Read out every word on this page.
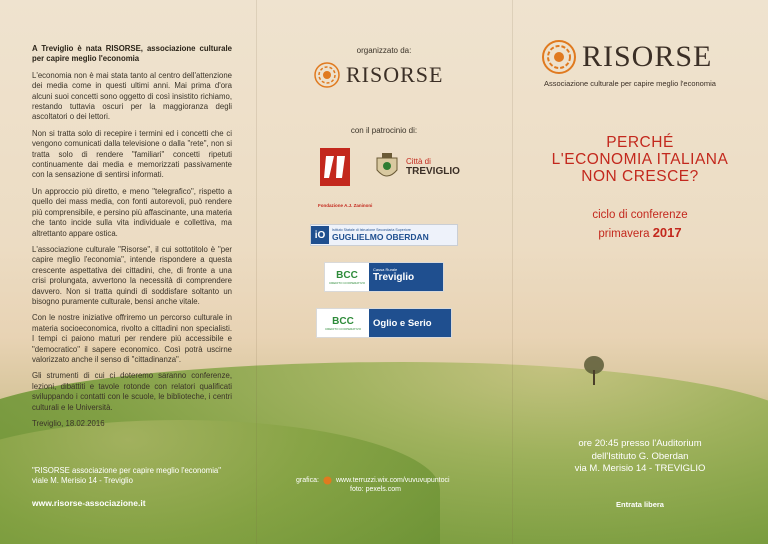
A Treviglio è nata RISORSE, associazione culturale per capire meglio l'economia

L'economia non è mai stata tanto al centro dell'attenzione dei media come in questi ultimi anni. Mai prima d'ora alcuni suoi concetti sono oggetto di così insistito richiamo, restando tuttavia oscuri per la maggioranza degli ascoltatori o dei lettori.

Non si tratta solo di recepire i termini ed i concetti che ci vengono comunicati dalla televisione o dalla "rete", non si tratta solo di rendere "familiari" concetti ripetuti continuamente dai media e memorizzati passivamente con la sensazione di sentirsi informati.

Un approccio più diretto, e meno "telegrafico", rispetto a quello dei mass media, con fonti autorevoli, può rendere più comprensibile, e persino più affascinante, una materia che tanto incide sulla vita individuale e collettiva, ma altrettanto appare ostica.

L'associazione culturale "Risorse", il cui sottotitolo è "per capire meglio l'economia", intende rispondere a questa crescente aspettativa dei cittadini, che, di fronte a una crisi prolungata, avvertono la necessità di comprendere davvero. Non si tratta quindi di soddisfare soltanto un bisogno puramente culturale, bensì anche vitale.

Con le nostre iniziative offriremo un percorso culturale in materia socioeconomica, rivolto a cittadini non specialisti. I tempi ci paiono maturi per rendere più accessibile e "democratico" il sapere economico. Così potrà uscirne valorizzato anche il senso di "cittadinanza".

Gli strumenti di cui ci doteremo saranno conferenze, lezioni, dibattiti e tavole rotonde con relatori qualificati sviluppando i contatti con le scuole, le biblioteche, i centri culturali e le Università.

Treviglio, 18.02.2016

"RISORSE associazione per capire meglio l'economia"
viale M. Merisio 14 - Treviglio
www.risorse-associazione.it
organizzato da:
RISORSE
con il patrocinio di:
Fondazione A.J. Zaninoni
Città di
TREVIGLIO
iO	Istituto Statale di Istruzione Secondaria Superiore
GUGLIELMO OBERDAN
BCC
CREDITO COOPERATIVO
Cassa Rurale
Treviglio
BCC
CREDITO COOPERATIVO	Oglio e Serio
grafica: www.terruzzi.wix.com/vuvuvupuntoci
foto: pexels.com
RISORSE
Associazione culturale per capire meglio l'economia
PERCHÉ
L'ECONOMIA ITALIANA
NON CRESCE?
ciclo di conferenze
primavera 2017
ore 20:45 presso l'Auditorium
dell'Istituto G. Oberdan
via M. Merisio 14 - TREVIGLIO
Entrata libera
